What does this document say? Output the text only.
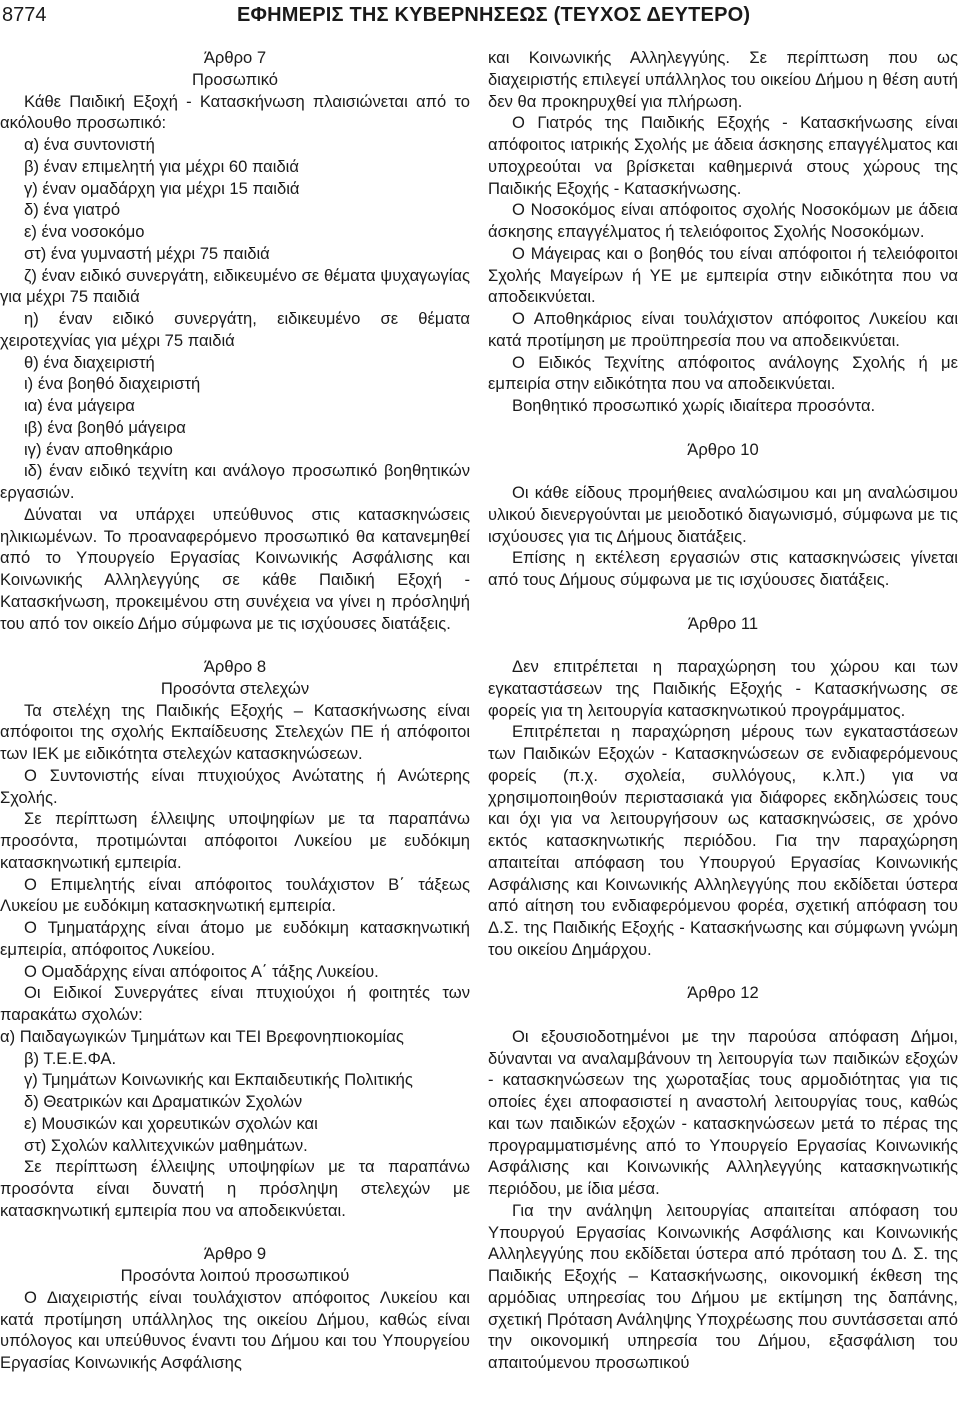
8774	ΕΦΗΜΕΡΙΣ ΤΗΣ ΚΥΒΕΡΝΗΣΕΩΣ (ΤΕΥΧΟΣ ΔΕΥΤΕΡΟ)
Άρθρο 7
Προσωπικό

Κάθε Παιδική Εξοχή - Κατασκήνωση πλαισιώνεται από το ακόλουθο προσωπικό:

α) ένα συντονιστή

β) έναν επιμελητή για μέχρι 60 παιδιά

γ) έναν ομαδάρχη για μέχρι 15 παιδιά

δ) ένα γιατρό

ε) ένα νοσοκόμο

στ) ένα γυμναστή μέχρι 75 παιδιά

ζ) έναν ειδικό συνεργάτη, ειδικευμένο σε θέματα ψυχαγωγίας για μέχρι 75 παιδιά

η) έναν ειδικό συνεργάτη, ειδικευμένο σε θέματα χειροτεχνίας για μέχρι 75 παιδιά

θ) ένα διαχειριστή

ι) ένα βοηθό διαχειριστή

ια) ένα μάγειρα

ιβ) ένα βοηθό μάγειρα

ιγ) έναν αποθηκάριο

ιδ) έναν ειδικό τεχνίτη και ανάλογο προσωπικό βοηθητικών εργασιών.

Δύναται να υπάρχει υπεύθυνος στις κατασκηνώσεις ηλικιωμένων. Το προαναφερόμενο προσωπικό θα κατανεμηθεί από το Υπουργείο Εργασίας Κοινωνικής Ασφάλισης και Κοινωνικής Αλληλεγγύης σε κάθε Παιδική Εξοχή - Κατασκήνωση, προκειμένου στη συνέχεια να γίνει η πρόσληψή του από τον οικείο Δήμο σύμφωνα με τις ισχύουσες διατάξεις.

Άρθρο 8
Προσόντα στελεχών

Τα στελέχη της Παιδικής Εξοχής – Κατασκήνωσης είναι απόφοιτοι της σχολής Εκπαίδευσης Στελεχών ΠΕ ή απόφοιτοι των ΙΕΚ με ειδικότητα στελεχών κατασκηνώσεων.

Ο Συντονιστής είναι πτυχιούχος Ανώτατης ή Ανώτερης Σχολής.

Σε περίπτωση έλλειψης υποψηφίων με τα παραπάνω προσόντα, προτιμώνται απόφοιτοι Λυκείου με ευδόκιμη κατασκηνωτική εμπειρία.

Ο Επιμελητής είναι απόφοιτος τουλάχιστον Β΄ τάξεως Λυκείου με ευδόκιμη κατασκηνωτική εμπειρία.

Ο Τμηματάρχης είναι άτομο με ευδόκιμη κατασκηνωτική εμπειρία, απόφοιτος Λυκείου.

Ο Ομαδάρχης είναι απόφοιτος Α΄ τάξης Λυκείου.

Οι Ειδικοί Συνεργάτες είναι πτυχιούχοι ή φοιτητές των παρακάτω σχολών:

α) Παιδαγωγικών Τμημάτων και ΤΕΙ Βρεφονηπιοκομίας

β) Τ.Ε.Ε.ΦΑ.

γ) Τμημάτων Κοινωνικής και Εκπαιδευτικής Πολιτικής

δ) Θεατρικών και Δραματικών Σχολών

ε) Μουσικών και χορευτικών σχολών και

στ) Σχολών καλλιτεχνικών μαθημάτων.

Σε περίπτωση έλλειψης υποψηφίων με τα παραπάνω προσόντα είναι δυνατή η πρόσληψη στελεχών με κατασκηνωτική εμπειρία που να αποδεικνύεται.

Άρθρο 9
Προσόντα λοιπού προσωπικού

Ο Διαχειριστής είναι τουλάχιστον απόφοιτος Λυκείου και κατά προτίμηση υπάλληλος της οικείου Δήμου, καθώς είναι υπόλογος και υπεύθυνος έναντι του Δήμου και του Υπουργείου Εργασίας Κοινωνικής Ασφάλισης

και Κοινωνικής Αλληλεγγύης. Σε περίπτωση που ως διαχειριστής επιλεγεί υπάλληλος του οικείου Δήμου η θέση αυτή δεν θα προκηρυχθεί για πλήρωση.

Ο Γιατρός της Παιδικής Εξοχής - Κατασκήνωσης είναι απόφοιτος ιατρικής Σχολής με άδεια άσκησης επαγγέλματος και υποχρεούται να βρίσκεται καθημερινά στους χώρους της Παιδικής Εξοχής - Κατασκήνωσης.

Ο Νοσοκόμος είναι απόφοιτος σχολής Νοσοκόμων με άδεια άσκησης επαγγέλματος ή τελειόφοιτος Σχολής Νοσοκόμων.

Ο Μάγειρας και ο βοηθός του είναι απόφοιτοι ή τελειόφοιτοι Σχολής Μαγείρων ή ΥΕ με εμπειρία στην ειδικότητα που να αποδεικνύεται.

Ο Αποθηκάριος είναι τουλάχιστον απόφοιτος Λυκείου και κατά προτίμηση με προϋπηρεσία που να αποδεικνύεται.

Ο Ειδικός Τεχνίτης απόφοιτος ανάλογης Σχολής ή με εμπειρία στην ειδικότητα που να αποδεικνύεται.

Βοηθητικό προσωπικό χωρίς ιδιαίτερα προσόντα.

Άρθρο 10

Οι κάθε είδους προμήθειες αναλώσιμου και μη αναλώσιμου υλικού διενεργούνται με μειοδοτικό διαγωνισμό, σύμφωνα με τις ισχύουσες για τις Δήμους διατάξεις.

Επίσης η εκτέλεση εργασιών στις κατασκηνώσεις γίνεται από τους Δήμους σύμφωνα με τις ισχύουσες διατάξεις.

Άρθρο 11

Δεν επιτρέπεται η παραχώρηση του χώρου και των εγκαταστάσεων της Παιδικής Εξοχής - Κατασκήνωσης σε φορείς για τη λειτουργία κατασκηνωτικού προγράμματος.

Επιτρέπεται η παραχώρηση μέρους των εγκαταστάσεων των Παιδικών Εξοχών - Κατασκηνώσεων σε ενδιαφερόμενους φορείς (π.χ. σχολεία, συλλόγους, κ.λπ.) για να χρησιμοποιηθούν περιστασιακά για διάφορες εκδηλώσεις τους και όχι για να λειτουργήσουν ως κατασκηνώσεις, σε χρόνο εκτός κατασκηνωτικής περιόδου. Για την παραχώρηση απαιτείται απόφαση του Υπουργού Εργασίας Κοινωνικής Ασφάλισης και Κοινωνικής Αλληλεγγύης που εκδίδεται ύστερα από αίτηση του ενδιαφερόμενου φορέα, σχετική απόφαση του Δ.Σ. της Παιδικής Εξοχής - Κατασκήνωσης και σύμφωνη γνώμη του οικείου Δημάρχου.

Άρθρο 12

Οι εξουσιοδοτημένοι με την παρούσα απόφαση Δήμοι, δύνανται να αναλαμβάνουν τη λειτουργία των παιδικών εξοχών - κατασκηνώσεων της χωροταξίας τους αρμοδιότητας για τις οποίες έχει αποφασιστεί η αναστολή λειτουργίας τους, καθώς και των παιδικών εξοχών - κατασκηνώσεων μετά το πέρας της προγραμματισμένης από το Υπουργείο Εργασίας Κοινωνικής Ασφάλισης και Κοινωνικής Αλληλεγγύης κατασκηνωτικής περιόδου, με ίδια μέσα.

Για την ανάληψη λειτουργίας απαιτείται απόφαση του Υπουργού Εργασίας Κοινωνικής Ασφάλισης και Κοινωνικής Αλληλεγγύης που εκδίδεται ύστερα από πρόταση του Δ. Σ. της Παιδικής Εξοχής – Κατασκήνωσης, οικονομική έκθεση της αρμόδιας υπηρεσίας του Δήμου με εκτίμηση της δαπάνης, σχετική Πρόταση Ανάληψης Υποχρέωσης που συντάσσεται από την οικονομική υπηρεσία του Δήμου, εξασφάλιση του απαιτούμενου προσωπικού
